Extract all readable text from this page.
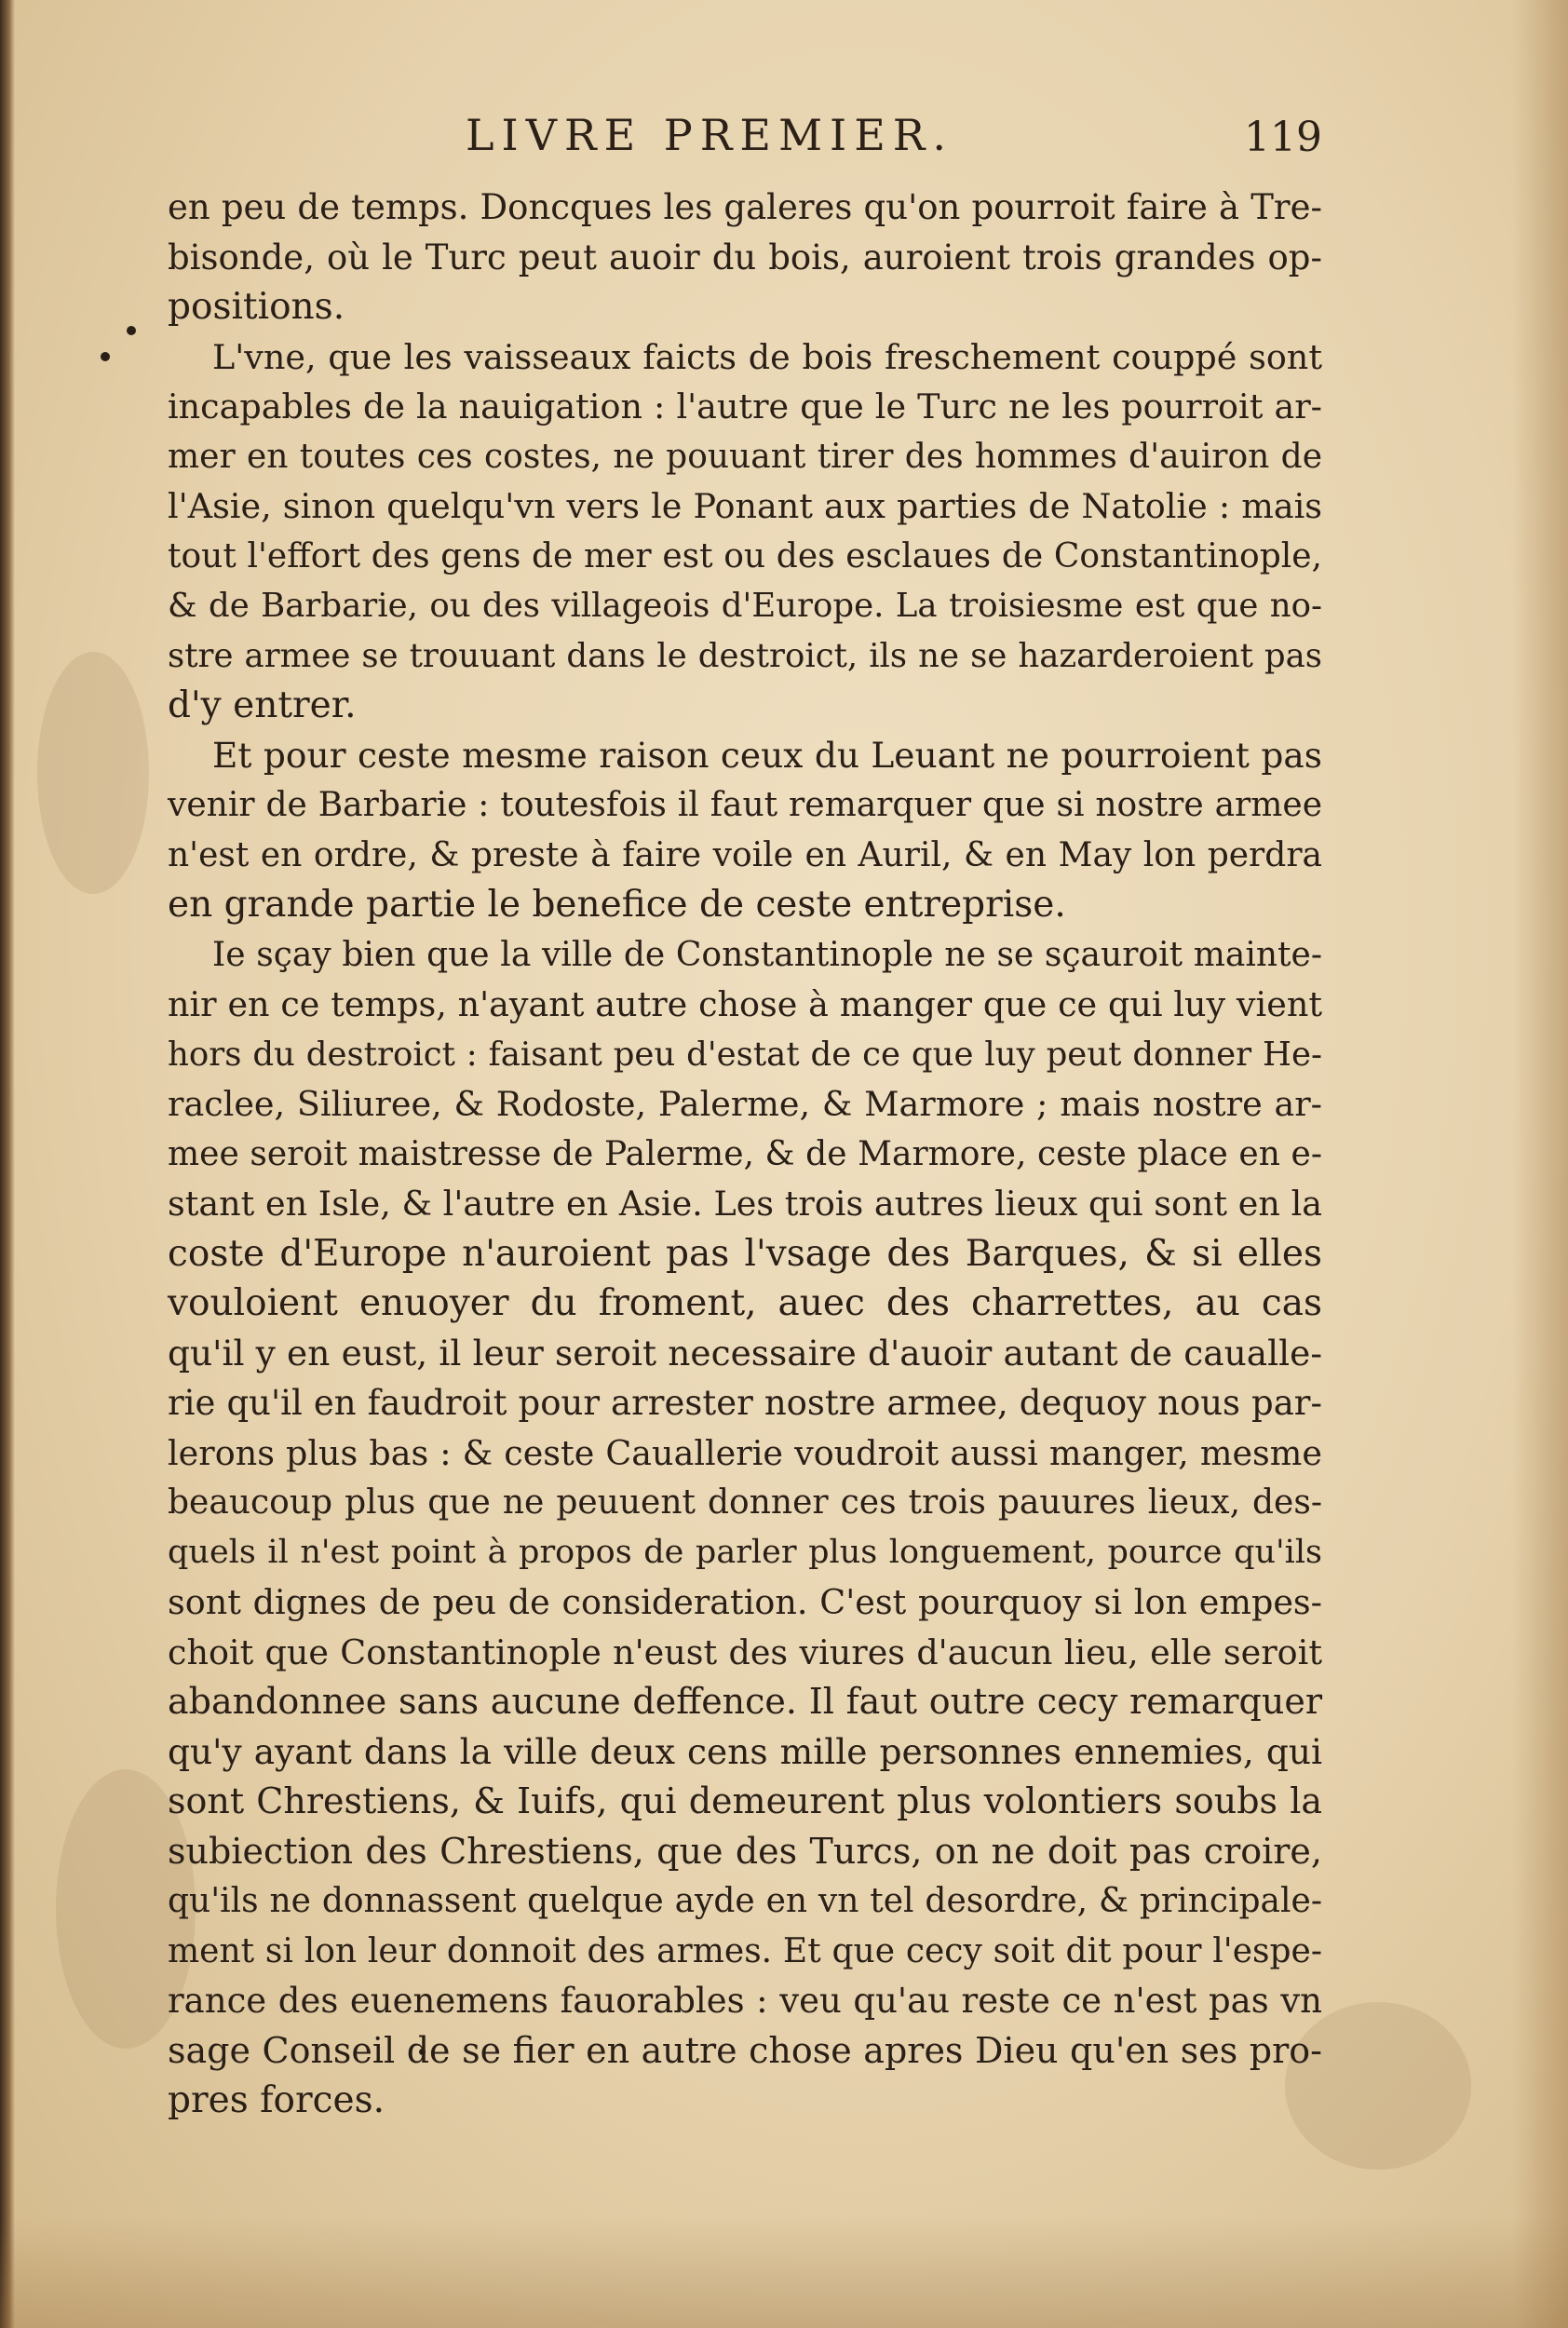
LIVRE PREMIER.	119
en peu de temps. Doncques les galeres qu'on pourroit faire à Tre-
bisonde, où le Turc peut auoir du bois, auroient trois grandes op-
positions.
L'vne, que les vaisseaux faicts de bois freschement couppé sont
incapables de la nauigation : l'autre que le Turc ne les pourroit ar-
mer en toutes ces costes, ne pouuant tirer des hommes d'auiron de
l'Asie, sinon quelqu'vn vers le Ponant aux parties de Natolie : mais
tout l'effort des gens de mer est ou des esclaues de Constantinople,
& de Barbarie, ou des villageois d'Europe. La troisiesme est que no-
stre armee se trouuant dans le destroict, ils ne se hazarderoient pas
d'y entrer.
Et pour ceste mesme raison ceux du Leuant ne pourroient pas
venir de Barbarie : toutesfois il faut remarquer que si nostre armee
n'est en ordre, & preste à faire voile en Auril, & en May lon perdra
en grande partie le benefice de ceste entreprise.
Ie sçay bien que la ville de Constantinople ne se sçauroit mainte-
nir en ce temps, n'ayant autre chose à manger que ce qui luy vient
hors du destroict : faisant peu d'estat de ce que luy peut donner He-
raclee, Siliuree, & Rodoste, Palerme, & Marmore ; mais nostre ar-
mee seroit maistresse de Palerme, & de Marmore, ceste place en e-
stant en Isle, & l'autre en Asie. Les trois autres lieux qui sont en la
coste d'Europe n'auroient pas l'vsage des Barques, & si elles
vouloient enuoyer du froment, auec des charrettes, au cas
qu'il y en eust, il leur seroit necessaire d'auoir autant de caualle-
rie qu'il en faudroit pour arrester nostre armee, dequoy nous par-
lerons plus bas : & ceste Cauallerie voudroit aussi manger, mesme
beaucoup plus que ne peuuent donner ces trois pauures lieux, des-
quels il n'est point à propos de parler plus longuement, pource qu'ils
sont dignes de peu de consideration. C'est pourquoy si lon empes-
choit que Constantinople n'eust des viures d'aucun lieu, elle seroit
abandonnee sans aucune deffence. Il faut outre cecy remarquer
qu'y ayant dans la ville deux cens mille personnes ennemies, qui
sont Chrestiens, & Iuifs, qui demeurent plus volontiers soubs la
subiection des Chrestiens, que des Turcs, on ne doit pas croire,
qu'ils ne donnassent quelque ayde en vn tel desordre, & principale-
ment si lon leur donnoit des armes. Et que cecy soit dit pour l'espe-
rance des euenemens fauorables : veu qu'au reste ce n'est pas vn
sage Conseil de se fier en autre chose apres Dieu qu'en ses pro-
pres forces.
